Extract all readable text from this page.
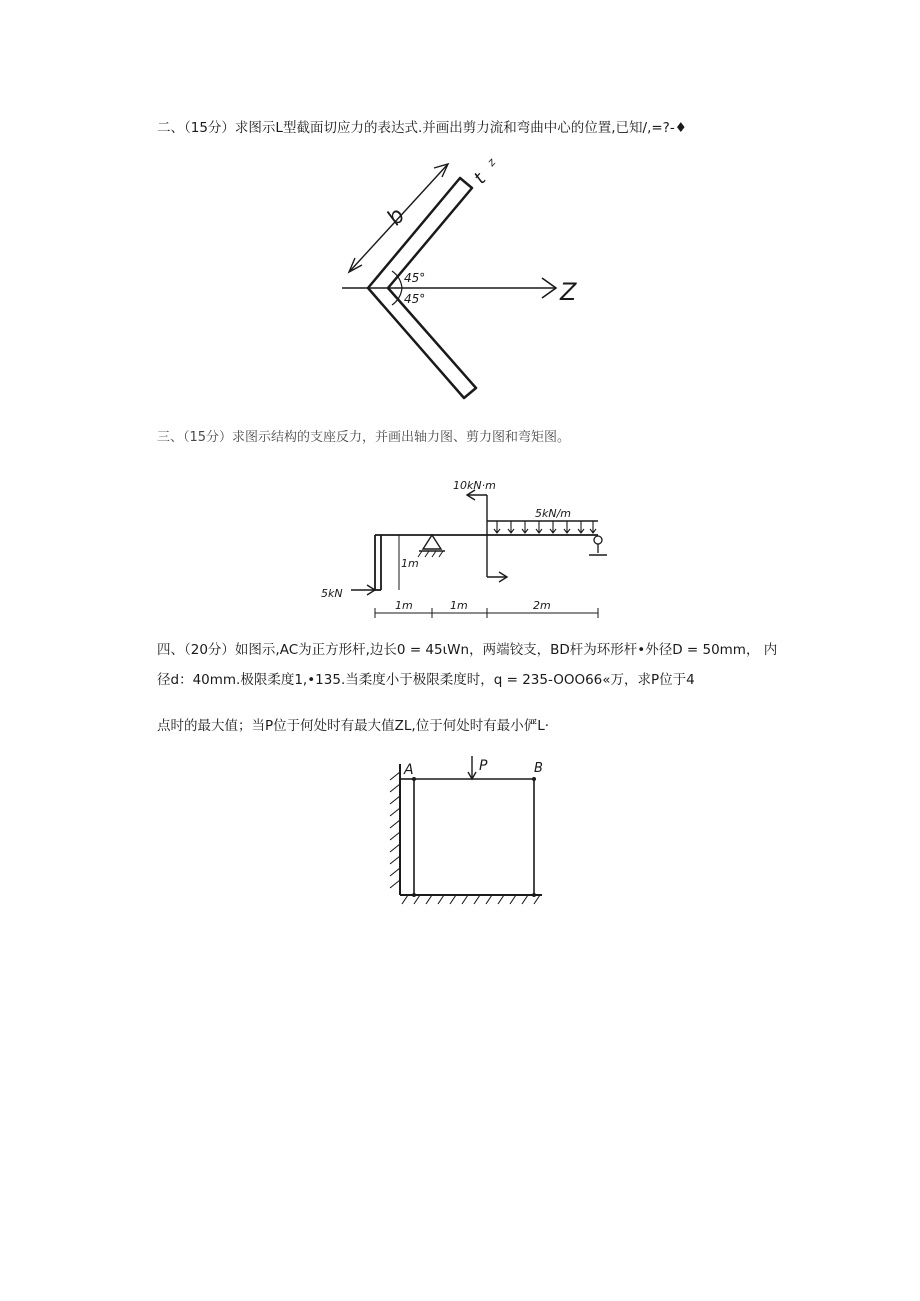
二、（15分）求图示L型截面切应力的表达式.并画出剪力流和弯曲中心的位置,已知/,=?-♦
Z
b
t
z
45°
45°
三、（15分）求图示结构的支座反力，并画出轴力图、剪力图和弯矩图。
5kN
1m
10kN·m
5kN/m
1m	1m	2m
四、（20分）如图示,AC为正方形杆,边长0 = 45ιWn，两端铰支，BD杆为环形杆•外径D = 50mm， 内
径d：40mm.极限柔度1,•135.当柔度小于极限柔度时，q = 235-OOO66«万，求P位于4
点时的最大值；当P位于何处时有最大值ZL,位于何处时有最小俨L·
A	B
P
